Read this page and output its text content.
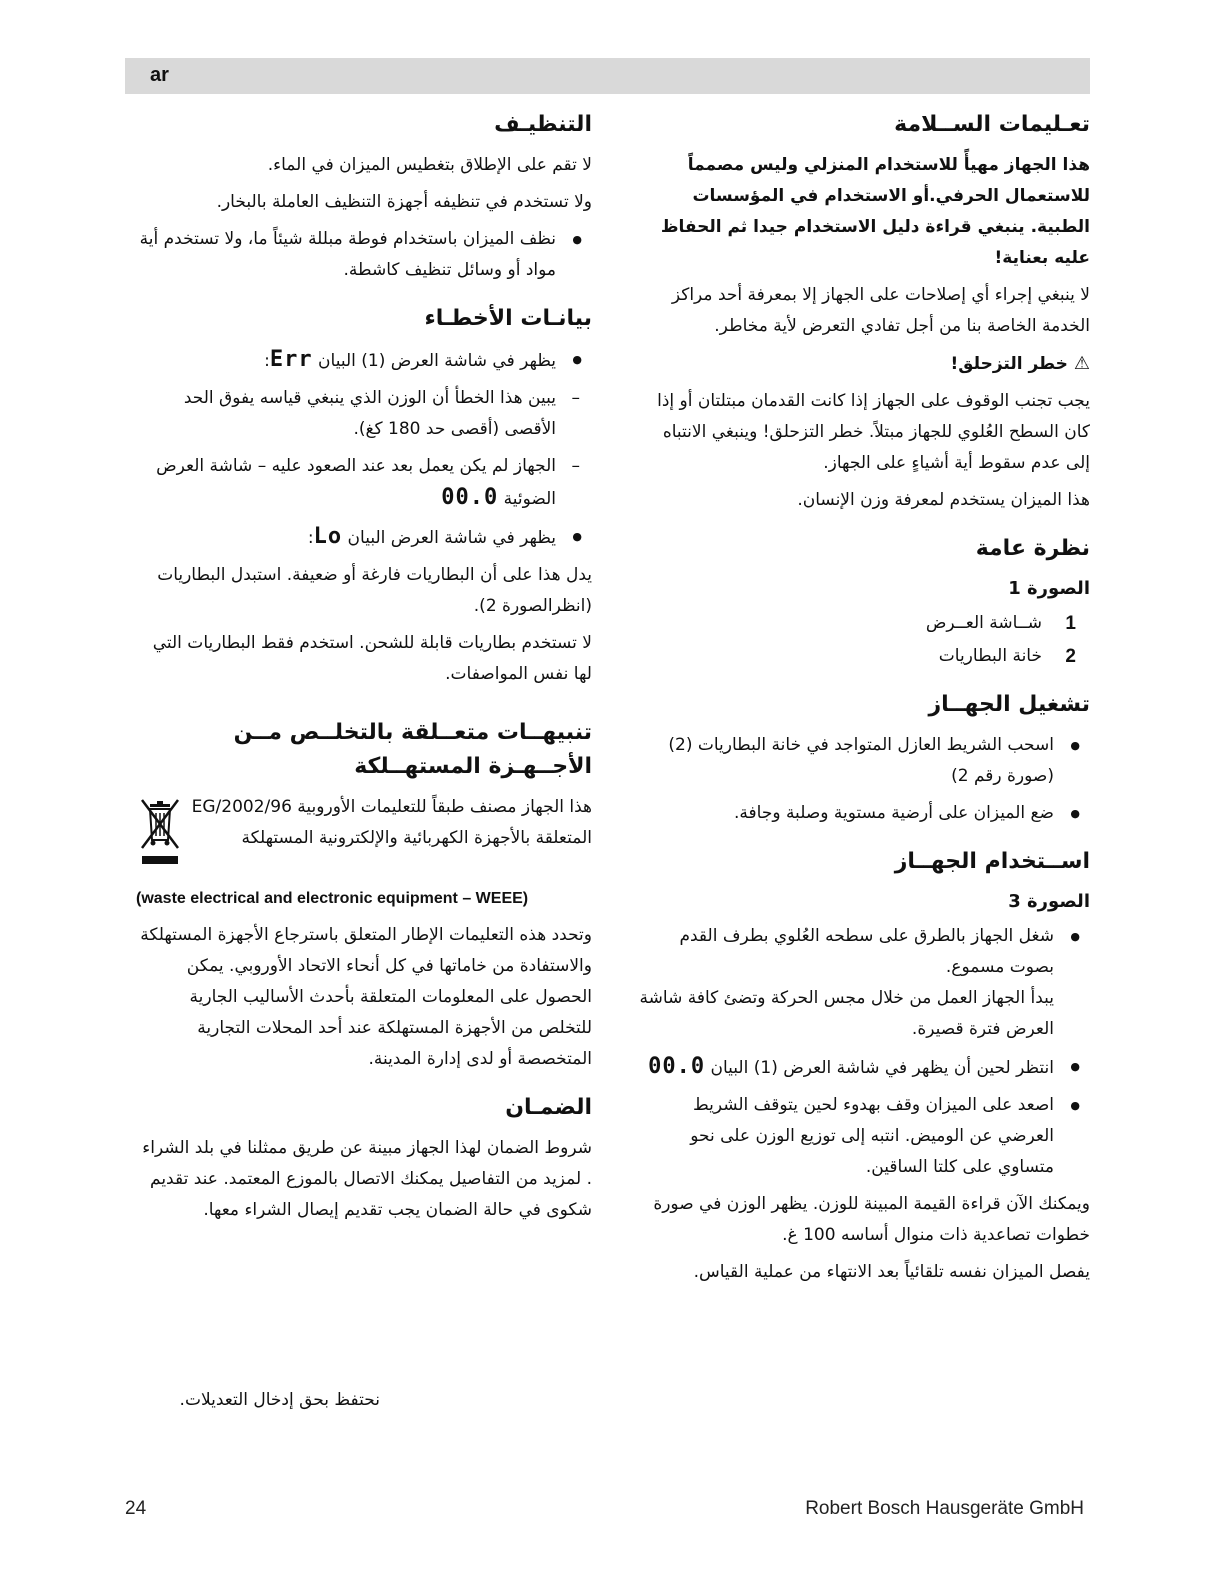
ar
تعـليمات الســلامة

هذا الجهاز مهيأً للاستخدام المنزلي وليس مصمماً للاستعمال الحرفي.أو الاستخدام في المؤسسات الطبية. ينبغي قراءة دليل الاستخدام جيدا ثم الحفاظ عليه بعناية!

لا ينبغي إجراء أي إصلاحات على الجهاز إلا بمعرفة أحد مراكز الخدمة الخاصة بنا من أجل تفادي التعرض لأية مخاطر.

⚠خطر التزحلق!

يجب تجنب الوقوف على الجهاز إذا كانت القدمان مبتلتان أو إذا كان السطح العُلوي للجهاز مبتلاً. خطر التزحلق! وينبغي الانتباه إلى عدم سقوط أية أشياءٍ على الجهاز.

هذا الميزان يستخدم لمعرفة وزن الإنسان.

نظرة عامة
الصورة 1
1
شــاشة العــرض
2
خانة البطاريات
تشغيل الجهــاز
● اسحب الشريط العازل المتواجد في خانة البطاريات (2) (صورة رقم 2)
● ضع الميزان على أرضية مستوية وصلبة وجافة.
اســتخدام الجهــاز
الصورة 3
● شغل الجهاز بالطرق على سطحه العُلوي بطرف القدم بصوت مسموع.
يبدأ الجهاز العمل من خلال مجس الحركة وتضئ كافة شاشة العرض فترة قصيرة.
● انتظر لحين أن يظهر في شاشة العرض (1) البيان 00.0
● اصعد على الميزان وقف بهدوء لحين يتوقف الشريط العرضي عن الوميض. انتبه إلى توزيع الوزن على نحو متساوي على كلتا الساقين.

ويمكنك الآن قراءة القيمة المبينة للوزن. يظهر الوزن في صورة خطوات تصاعدية ذات منوال أساسه 100 غ.

يفصل الميزان نفسه تلقائياً بعد الانتهاء من عملية القياس.

التنظيـف

لا تقم على الإطلاق بتغطيس الميزان في الماء.

ولا تستخدم في تنظيفه أجهزة التنظيف العاملة بالبخار.

● نظف الميزان باستخدام فوطة مبللة شيئاً ما، ولا تستخدم أية مواد أو وسائل تنظيف كاشطة.
بيانـات الأخطـاء
● يظهر في شاشة العرض (1) البيان Err:
– يبين هذا الخطأ أن الوزن الذي ينبغي قياسه يفوق الحد الأقصى (أقصى حد 180 كغ).
– الجهاز لم يكن يعمل بعد عند الصعود عليه – شاشة العرض الضوئية 00.0
● يظهر في شاشة العرض البيان Lo:

يدل هذا على أن البطاريات فارغة أو ضعيفة. استبدل البطاريات (انظرالصورة 2).

لا تستخدم بطاريات قابلة للشحن. استخدم فقط البطاريات التي لها نفس المواصفات.

تنبيهــات متعــلقة بالتخلــص مــن الأجــهـزة المستهــلكة
هذا الجهاز مصنف طبقاً للتعليمات الأوروبية 2002/96/EG المتعلقة بالأجهزة الكهربائية والإلكترونية المستهلكة
(waste electrical and electronic equipment – WEEE)

وتحدد هذه التعليمات الإطار المتعلق باسترجاع الأجهزة المستهلكة والاستفادة من خاماتها في كل أنحاء الاتحاد الأوروبي. يمكن الحصول على المعلومات المتعلقة بأحدث الأساليب الجارية للتخلص من الأجهزة المستهلكة عند أحد المحلات التجارية المتخصصة أو لدى إدارة المدينة.

الضمـان

شروط الضمان لهذا الجهاز مبينة عن طريق ممثلنا في بلد الشراء . لمزيد من التفاصيل يمكنك الاتصال بالموزع المعتمد. عند تقديم شكوى في حالة الضمان يجب تقديم إيصال الشراء معها.

نحتفظ بحق إدخال التعديلات.
24	Robert Bosch Hausgeräte GmbH
